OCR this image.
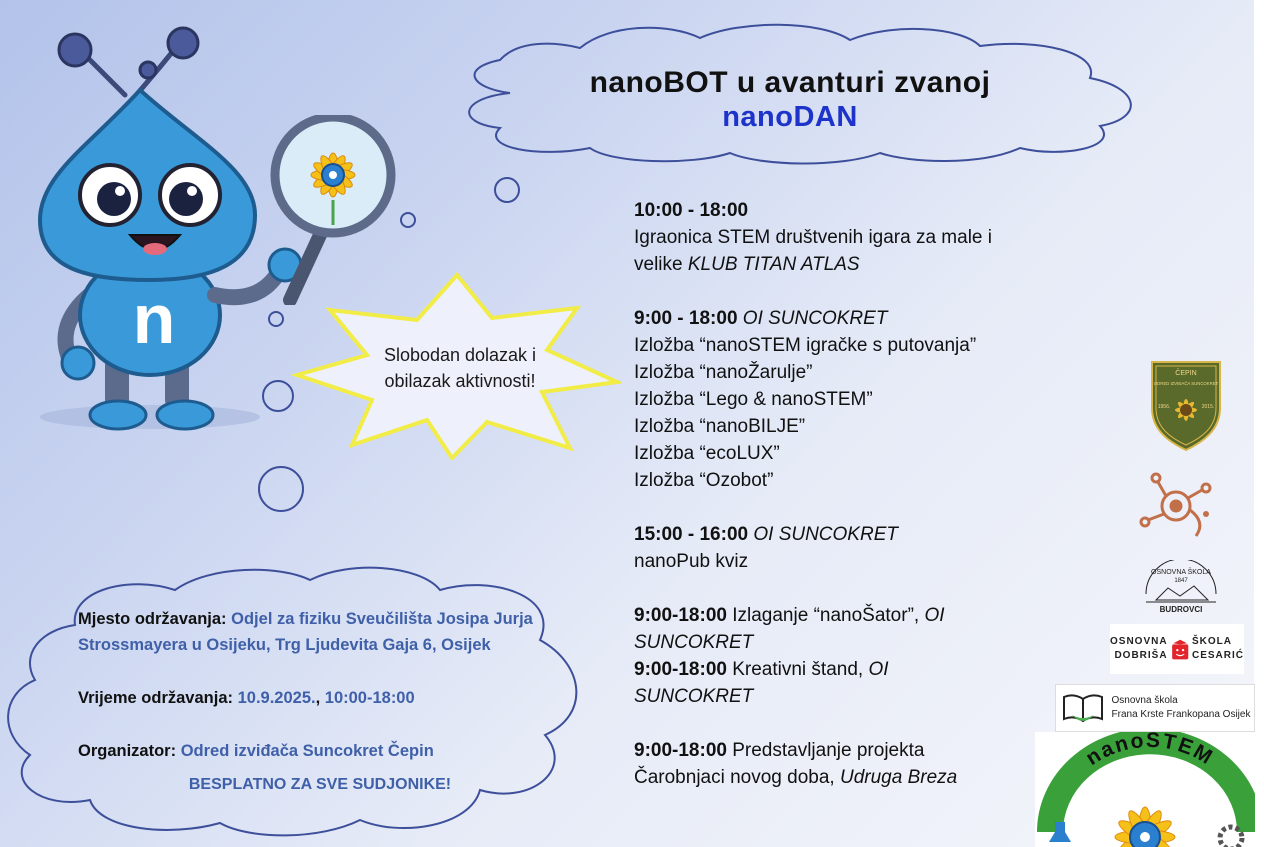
n
nanoBOT u avanturi zvanoj
nanoDAN
Slobodan dolazak i
obilazak aktivnosti!
10:00 - 18:00
Igraonica STEM društvenih igara za male i
velike KLUB TITAN ATLAS
9:00 - 18:00 OI SUNCOKRET
Izložba “nanoSTEM igračke s putovanja”
Izložba “nanoŽarulje”
Izložba “Lego & nanoSTEM”
Izložba “nanoBILJE”
Izložba “ecoLUX”
Izložba “Ozobot”
15:00 - 16:00 OI SUNCOKRET
nanoPub kviz
9:00-18:00 Izlaganje “nanoŠator”, OI
SUNCOKRET
9:00-18:00 Kreativni štand, OI
SUNCOKRET
9:00-18:00 Predstavljanje projekta
Čarobnjaci novog doba, Udruga Breza
Mjesto održavanja: Odjel za fiziku Sveučilišta Josipa Jurja
Strossmayera u Osijeku, Trg Ljudevita Gaja 6, Osijek
Vrijeme održavanja: 10.9.2025., 10:00-18:00
Organizator: Odred izviđača Suncokret Čepin
BESPLATNO ZA SVE SUDJONIKE!
ČEPIN
ODRED IZVIĐAČA SUNCOKRET
1956.	2015.
OSNOVNA ŠKOLA
1847
BUDROVCI
OSNOVNA
DOBRIŠA
ŠKOLA
CESARIĆ
Osnovna škola
Frana Krste Frankopana Osijek
nanoSTEM
